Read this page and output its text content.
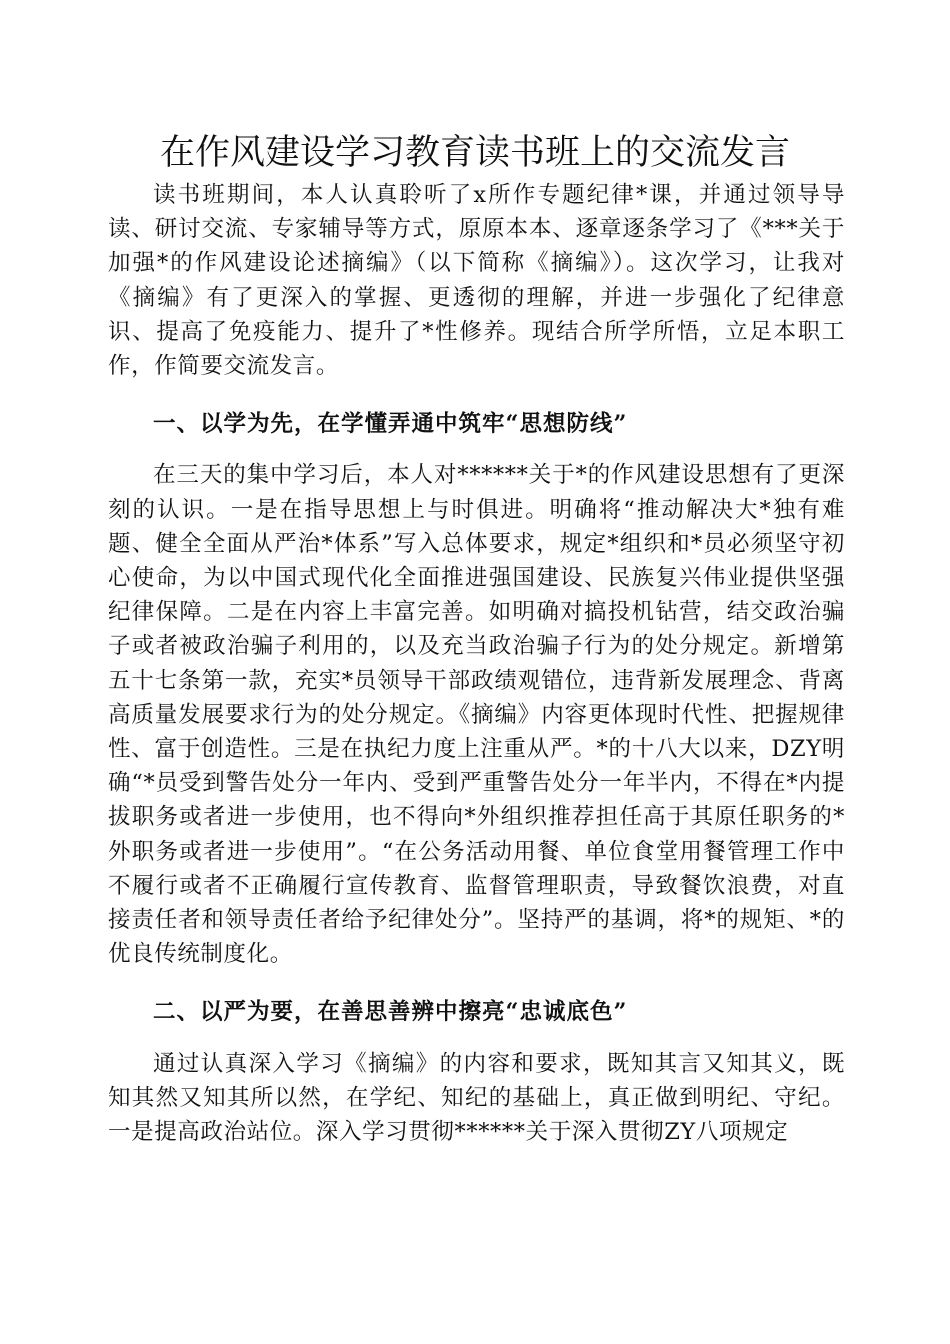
在作风建设学习教育读书班上的交流发言

读书班期间，本人认真聆听了x所作专题纪律*课，并通过领导导读、研讨交流、专家辅导等方式，原原本本、逐章逐条学习了《***关于加强*的作风建设论述摘编》（以下简称《摘编》）。这次学习，让我对《摘编》有了更深入的掌握、更透彻的理解，并进一步强化了纪律意识、提高了免疫能力、提升了*性修养。现结合所学所悟，立足本职工作，作简要交流发言。

一、以学为先，在学懂弄通中筑牢“思想防线”

在三天的集中学习后，本人对******关于*的作风建设思想有了更深刻的认识。一是在指导思想上与时俱进。明确将“推动解决大*独有难题、健全全面从严治*体系”写入总体要求，规定*组织和*员必须坚守初心使命，为以中国式现代化全面推进强国建设、民族复兴伟业提供坚强纪律保障。二是在内容上丰富完善。如明确对搞投机钻营，结交政治骗子或者被政治骗子利用的，以及充当政治骗子行为的处分规定。新增第五十七条第一款，充实*员领导干部政绩观错位，违背新发展理念、背离高质量发展要求行为的处分规定。《摘编》内容更体现时代性、把握规律性、富于创造性。三是在执纪力度上注重从严。*的十八大以来，DZY明确“*员受到警告处分一年内、受到严重警告处分一年半内，不得在*内提拔职务或者进一步使用，也不得向*外组织推荐担任高于其原任职务的*外职务或者进一步使用”。“在公务活动用餐、单位食堂用餐管理工作中不履行或者不正确履行宣传教育、监督管理职责，导致餐饮浪费，对直接责任者和领导责任者给予纪律处分”。坚持严的基调，将*的规矩、*的优良传统制度化。

二、以严为要，在善思善辨中擦亮“忠诚底色”

通过认真深入学习《摘编》的内容和要求，既知其言又知其义，既知其然又知其所以然，在学纪、知纪的基础上，真正做到明纪、守纪。一是提高政治站位。深入学习贯彻******关于深入贯彻ZY八项规定
